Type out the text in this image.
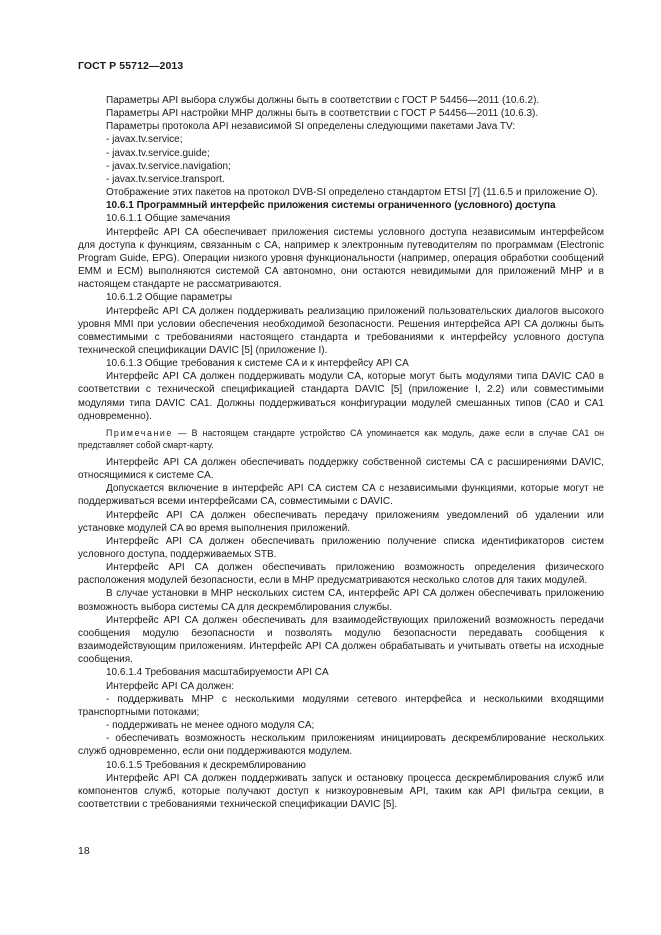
ГОСТ Р 55712—2013

Параметры API выбора службы должны быть в соответствии с ГОСТ Р 54456—2011 (10.6.2).

Параметры API настройки МНР должны быть в соответствии с ГОСТ Р 54456—2011 (10.6.3).

Параметры протокола API независимой SI определены следующими пакетами Java TV:

- javax.tv.service;

- javax.tv.service.guide;

- javax.tv.service.navigation;

- javax.tv.service.transport.

Отображение этих пакетов на протокол DVB-SI определено стандартом ETSI [7] (11.6.5 и приложение О).

10.6.1 Программный интерфейс приложения системы ограниченного (условного) доступа

10.6.1.1 Общие замечания

Интерфейс API CA обеспечивает приложения системы условного доступа независимым интерфейсом для доступа к функциям, связанным с CA, например к электронным путеводителям по программам (Electronic Program Guide, EPG). Операции низкого уровня функциональности (например, операция обработки сообщений ЕММ и ECM) выполняются системой CA автономно, они остаются невидимыми для приложений МНР и в настоящем стандарте не рассматриваются.

10.6.1.2 Общие параметры

Интерфейс API CA должен поддерживать реализацию приложений пользовательских диалогов высокого уровня MMI при условии обеспечения необходимой безопасности. Решения интерфейса API CA должны быть совместимыми с требованиями настоящего стандарта и требованиями к интерфейсу условного доступа технической спецификации DAVIC [5] (приложение I).

10.6.1.3 Общие требования к системе CA и к интерфейсу API CA

Интерфейс API CA должен поддерживать модули CA, которые могут быть модулями типа DAVIC CA0 в соответствии с технической спецификацией стандарта DAVIC [5] (приложение I, 2.2) или совместимыми модулями типа DAVIC CA1. Должны поддерживаться конфигурации модулей смешанных типов (CA0 и CA1 одновременно).

Примечание — В настоящем стандарте устройство CA упоминается как модуль, даже если в случае CA1 он представляет собой смарт-карту.

Интерфейс API CA должен обеспечивать поддержку собственной системы CA с расширениями DAVIC, относящимися к системе CA.

Допускается включение в интерфейс API CA систем CA с независимыми функциями, которые могут не поддерживаться всеми интерфейсами CA, совместимыми с DAVIC.

Интерфейс API CA должен обеспечивать передачу приложениям уведомлений об удалении или установке модулей CA во время выполнения приложений.

Интерфейс API CA должен обеспечивать приложению получение списка идентификаторов систем условного доступа, поддерживаемых STB.

Интерфейс API CA должен обеспечивать приложению возможность определения физического расположения модулей безопасности, если в МНР предусматриваются несколько слотов для таких модулей.

В случае установки в МНР нескольких систем CA, интерфейс API CA должен обеспечивать приложению возможность выбора системы CA для дескремблирования службы.

Интерфейс API CA должен обеспечивать для взаимодействующих приложений возможность передачи сообщения модулю безопасности и позволять модулю безопасности передавать сообщения к взаимодействующим приложениям. Интерфейс API CA должен обрабатывать и учитывать ответы на исходные сообщения.

10.6.1.4 Требования масштабируемости API CA

Интерфейс API CA должен:

- поддерживать МНР с несколькими модулями сетевого интерфейса и несколькими входящими транспортными потоками;

- поддерживать не менее одного модуля CA;

- обеспечивать возможность нескольким приложениям инициировать дескремблирование нескольких служб одновременно, если они поддерживаются модулем.

10.6.1.5 Требования к дескремблированию

Интерфейс API CA должен поддерживать запуск и остановку процесса дескремблирования служб или компонентов служб, которые получают доступ к низкоуровневым API, таким как API фильтра секции, в соответствии с требованиями технической спецификации DAVIC [5].

18
